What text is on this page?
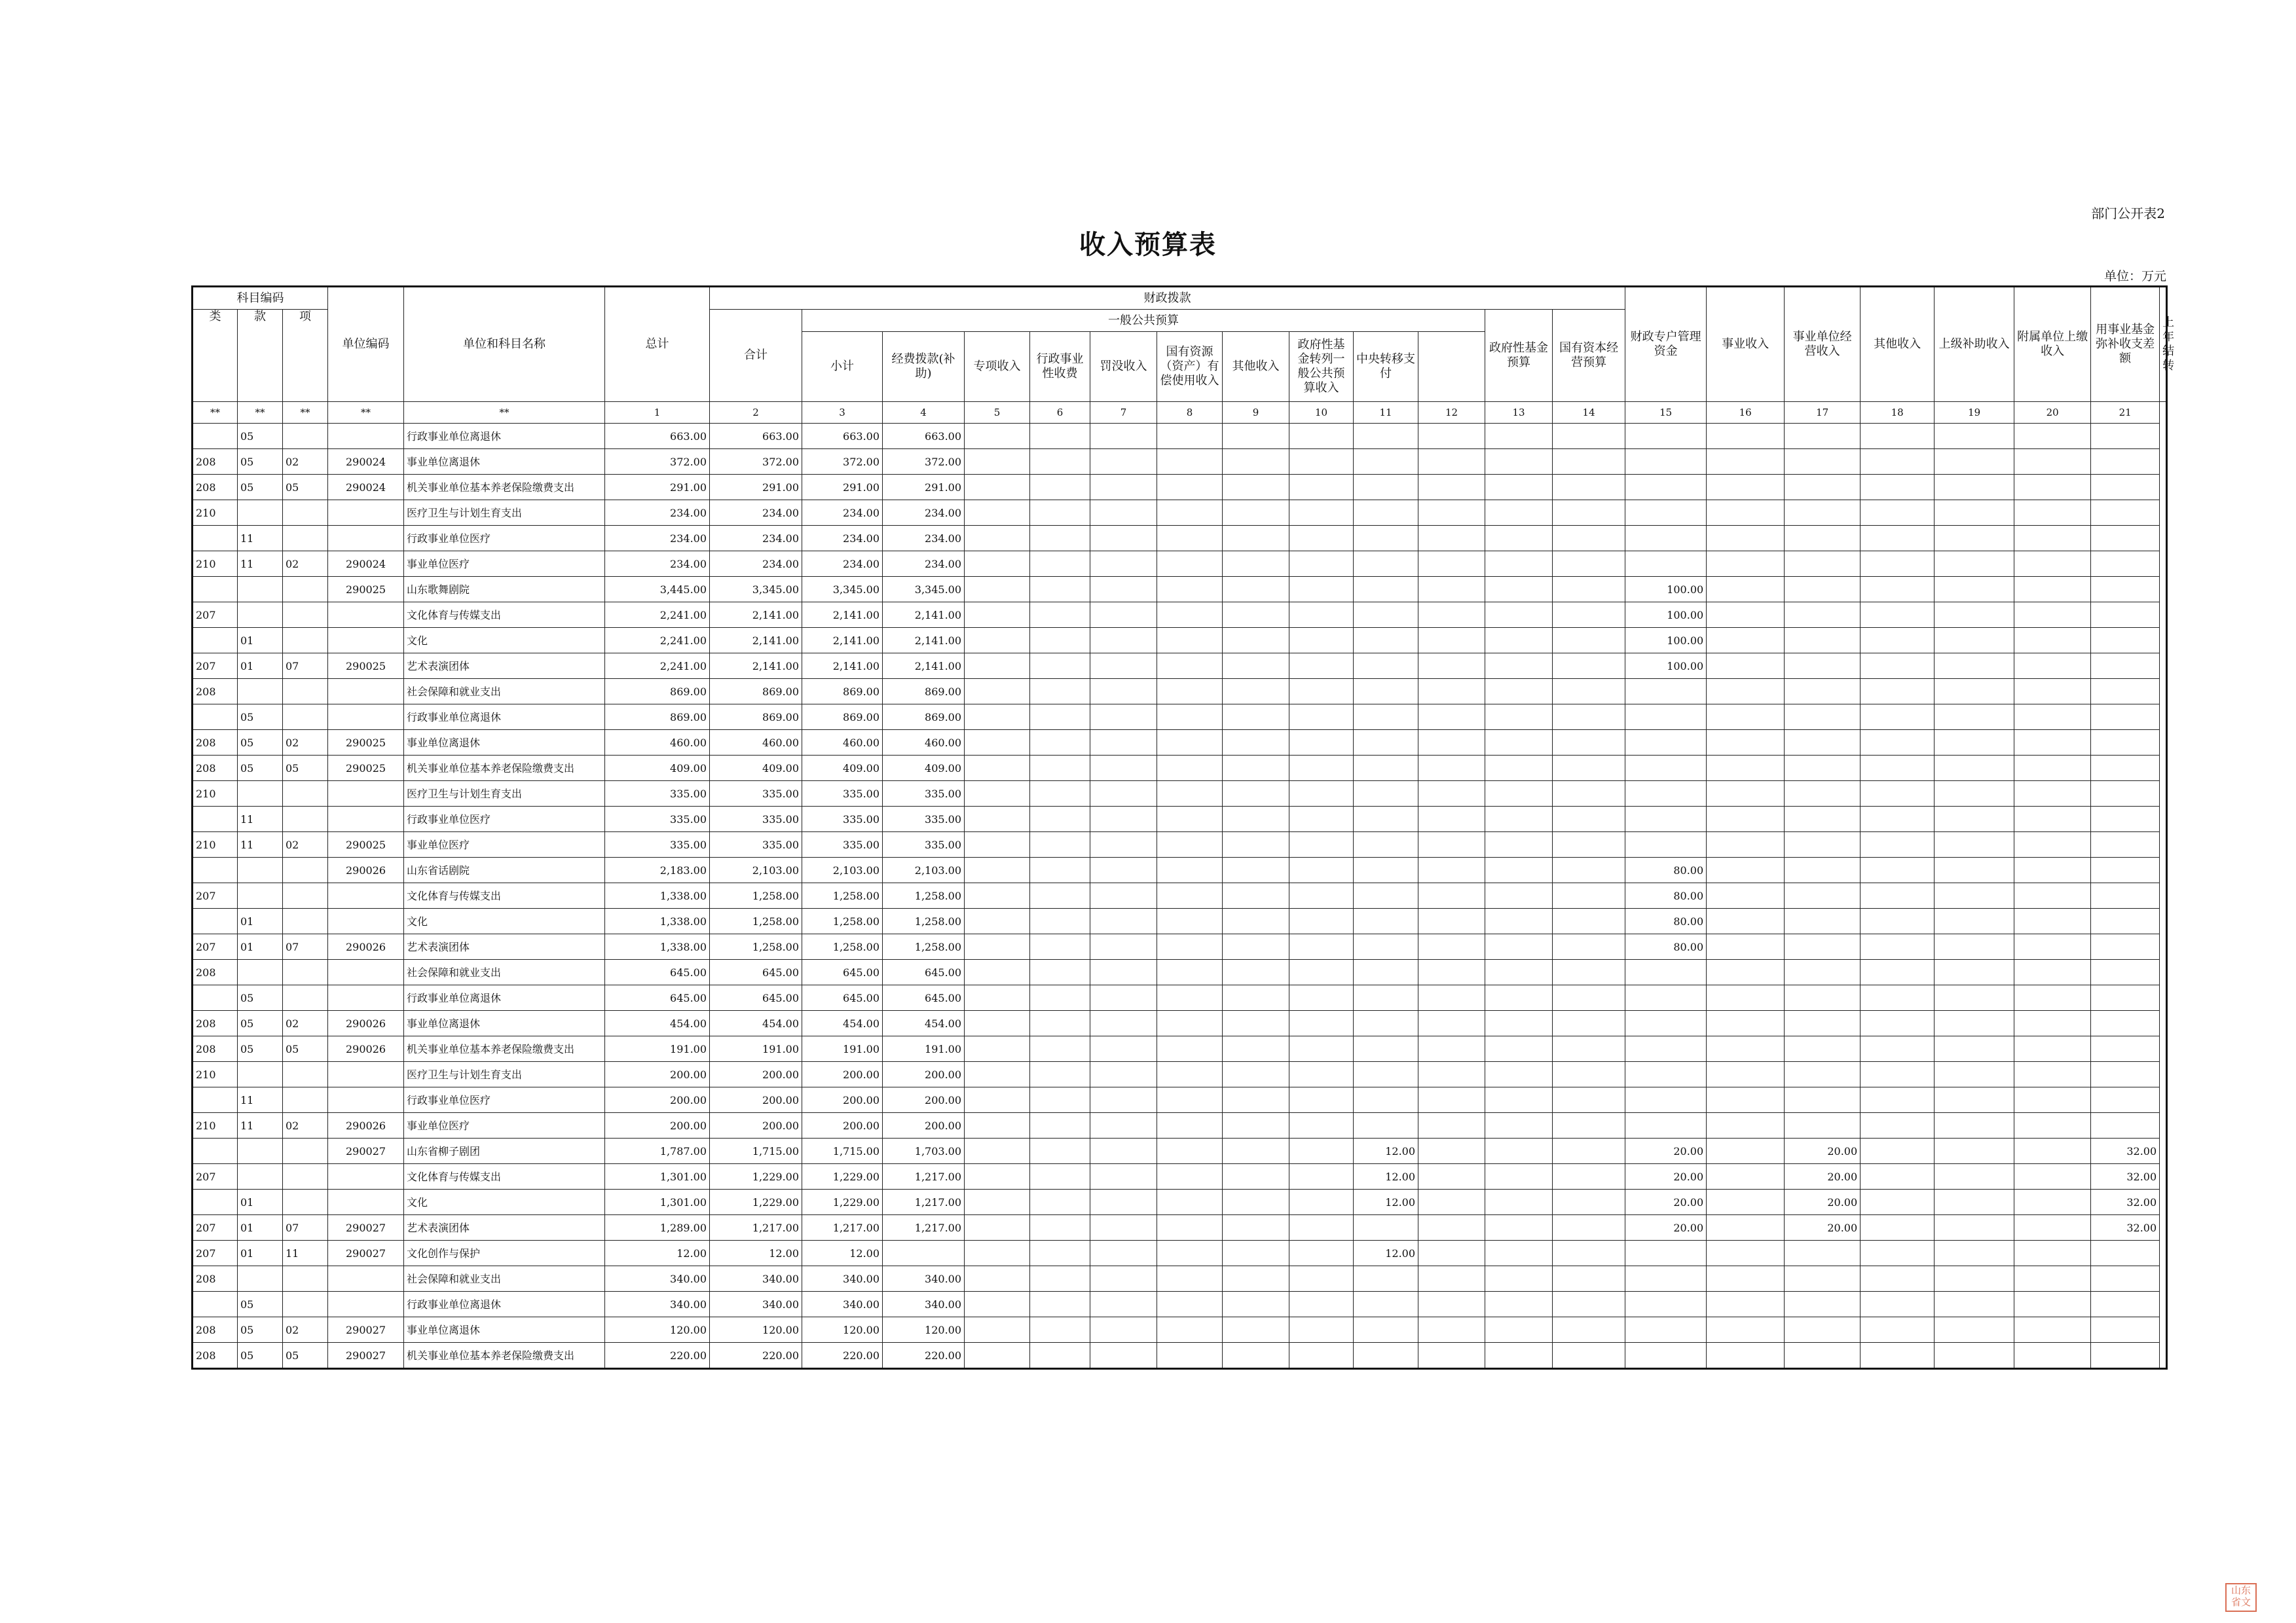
部门公开表2
收入预算表
单位：万元
科目编码			单位编码	单位和科目名称	总计	财政拨款													财政专户管理资金	事业收入	事业单位经营收入	其他收入	上级补助收入	附属单位上缴收入	用事业基金弥补收支差额	上年结转
类	款	项				合计	一般公共预算										政府性基金预算	国有资本经营预算								
							小计	经费拨款(补助)	专项收入	行政事业性收费	罚没收入	国有资源（资产）有偿使用收入	其他收入	政府性基金转列一般公共预算收入	中央转移支付											
**	**	**	**	**	1	2	3	4	5	6	7	8	9	10	11	12	13	14	15	16	17	18	19	20	21	
	05			行政事业单位离退休	663.00	663.00	663.00	663.00																		
208	05	02	290024	事业单位离退休	372.00	372.00	372.00	372.00																		
208	05	05	290024	机关事业单位基本养老保险缴费支出	291.00	291.00	291.00	291.00																		
210				医疗卫生与计划生育支出	234.00	234.00	234.00	234.00																		
	11			行政事业单位医疗	234.00	234.00	234.00	234.00																		
210	11	02	290024	事业单位医疗	234.00	234.00	234.00	234.00																		
			290025	山东歌舞剧院	3,445.00	3,345.00	3,345.00	3,345.00											100.00							
207				文化体育与传媒支出	2,241.00	2,141.00	2,141.00	2,141.00											100.00							
	01			文化	2,241.00	2,141.00	2,141.00	2,141.00											100.00							
207	01	07	290025	艺术表演团体	2,241.00	2,141.00	2,141.00	2,141.00											100.00							
208				社会保障和就业支出	869.00	869.00	869.00	869.00																		
	05			行政事业单位离退休	869.00	869.00	869.00	869.00																		
208	05	02	290025	事业单位离退休	460.00	460.00	460.00	460.00																		
208	05	05	290025	机关事业单位基本养老保险缴费支出	409.00	409.00	409.00	409.00																		
210				医疗卫生与计划生育支出	335.00	335.00	335.00	335.00																		
	11			行政事业单位医疗	335.00	335.00	335.00	335.00																		
210	11	02	290025	事业单位医疗	335.00	335.00	335.00	335.00																		
			290026	山东省话剧院	2,183.00	2,103.00	2,103.00	2,103.00											80.00							
207				文化体育与传媒支出	1,338.00	1,258.00	1,258.00	1,258.00											80.00							
	01			文化	1,338.00	1,258.00	1,258.00	1,258.00											80.00							
207	01	07	290026	艺术表演团体	1,338.00	1,258.00	1,258.00	1,258.00											80.00							
208				社会保障和就业支出	645.00	645.00	645.00	645.00																		
	05			行政事业单位离退休	645.00	645.00	645.00	645.00																		
208	05	02	290026	事业单位离退休	454.00	454.00	454.00	454.00																		
208	05	05	290026	机关事业单位基本养老保险缴费支出	191.00	191.00	191.00	191.00																		
210				医疗卫生与计划生育支出	200.00	200.00	200.00	200.00																		
	11			行政事业单位医疗	200.00	200.00	200.00	200.00																		
210	11	02	290026	事业单位医疗	200.00	200.00	200.00	200.00																		
			290027	山东省柳子剧团	1,787.00	1,715.00	1,715.00	1,703.00							12.00				20.00		20.00				32.00	
207				文化体育与传媒支出	1,301.00	1,229.00	1,229.00	1,217.00							12.00				20.00		20.00				32.00	
	01			文化	1,301.00	1,229.00	1,229.00	1,217.00							12.00				20.00		20.00				32.00	
207	01	07	290027	艺术表演团体	1,289.00	1,217.00	1,217.00	1,217.00											20.00		20.00				32.00	
207	01	11	290027	文化创作与保护	12.00	12.00	12.00								12.00											
208				社会保障和就业支出	340.00	340.00	340.00	340.00																		
	05			行政事业单位离退休	340.00	340.00	340.00	340.00																		
208	05	02	290027	事业单位离退休	120.00	120.00	120.00	120.00																		
208	05	05	290027	机关事业单位基本养老保险缴费支出	220.00	220.00	220.00	220.00																		
山东 省文
